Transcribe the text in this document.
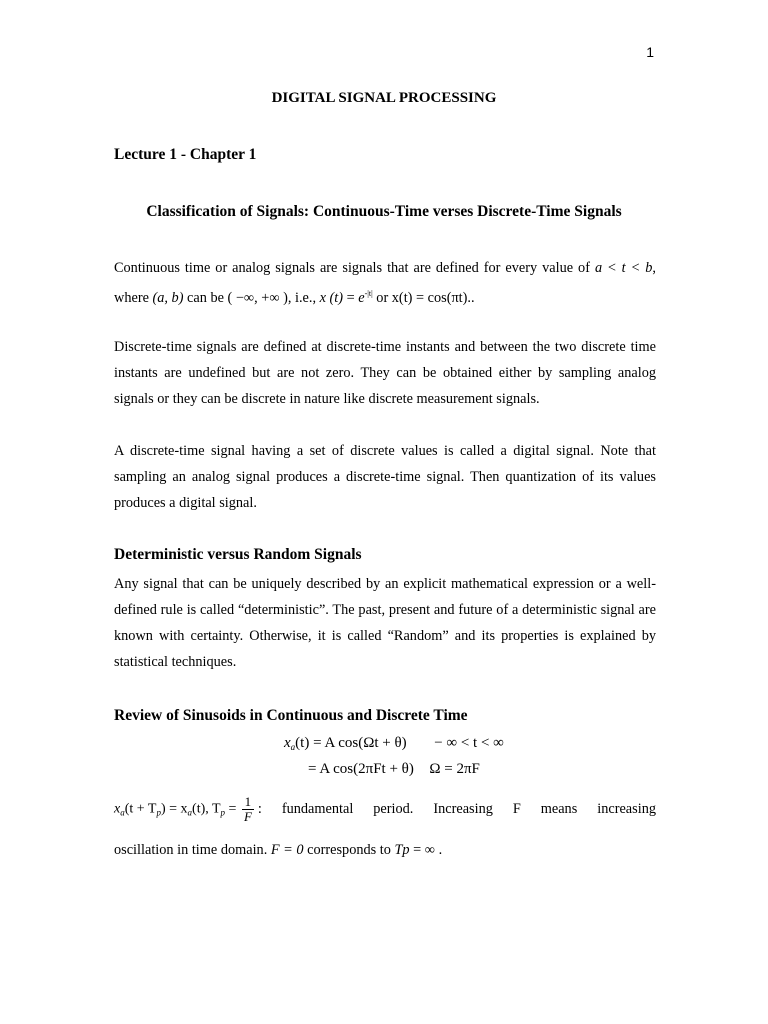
1
DIGITAL SIGNAL PROCESSING
Lecture 1 - Chapter 1
Classification of Signals: Continuous-Time verses Discrete-Time Signals
Continuous time or analog signals are signals that are defined for every value of a < t < b, where (a, b) can be ( −∞, +∞ ), i.e., x $(t) = e^{-|t|}$ or x(t) = cos(πt)..
Discrete-time signals are defined at discrete-time instants and between the two discrete time instants are undefined but are not zero. They can be obtained either by sampling analog signals or they can be discrete in nature like discrete measurement signals.
A discrete-time signal having a set of discrete values is called a digital signal. Note that sampling an analog signal produces a discrete-time signal. Then quantization of its values produces a digital signal.
Deterministic versus Random Signals
Any signal that can be uniquely described by an explicit mathematical expression or a well-defined rule is called “deterministic”. The past, present and future of a deterministic signal are known with certainty. Otherwise, it is called “Random” and its properties is explained by statistical techniques.
Review of Sinusoids in Continuous and Discrete Time
$x_a(t) = A$ cos(Ωt + θ) − ∞ < t < ∞
= A cos(2πFt + θ) Ω = 2πF
$x_a(t + T_p) = x_a(t)$, $T_p = \frac{1}{F}$ : fundamental period. Increasing F means increasing
oscillation in time domain. F = 0 corresponds to Tp = ∞ .
